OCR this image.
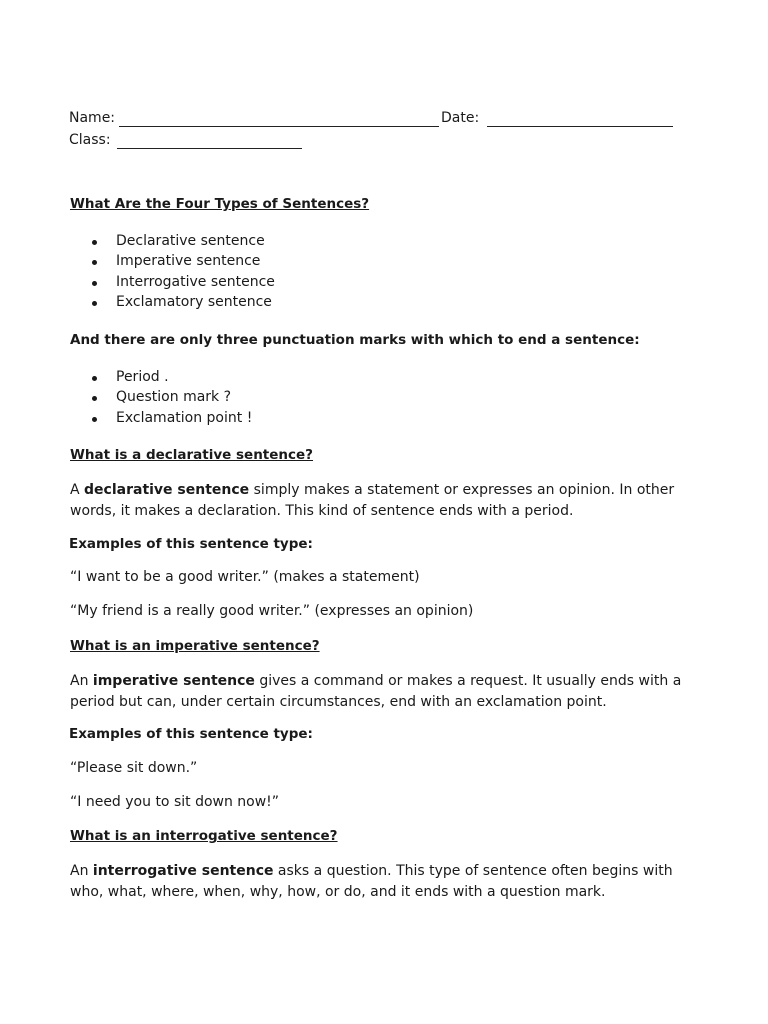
Name:	Date:
Class:
What Are the Four Types of Sentences?
Declarative sentence
Imperative sentence
Interrogative sentence
Exclamatory sentence
And there are only three punctuation marks with which to end a sentence:
Period .
Question mark ?
Exclamation point !
What is a declarative sentence?
A declarative sentence simply makes a statement or expresses an opinion. In other words, it makes a declaration. This kind of sentence ends with a period.
Examples of this sentence type:
“I want to be a good writer.” (makes a statement)
“My friend is a really good writer.” (expresses an opinion)
What is an imperative sentence?
An imperative sentence gives a command or makes a request. It usually ends with a period but can, under certain circumstances, end with an exclamation point.
Examples of this sentence type:
“Please sit down.”
“I need you to sit down now!”
What is an interrogative sentence?
An interrogative sentence asks a question. This type of sentence often begins with who, what, where, when, why, how, or do, and it ends with a question mark.
